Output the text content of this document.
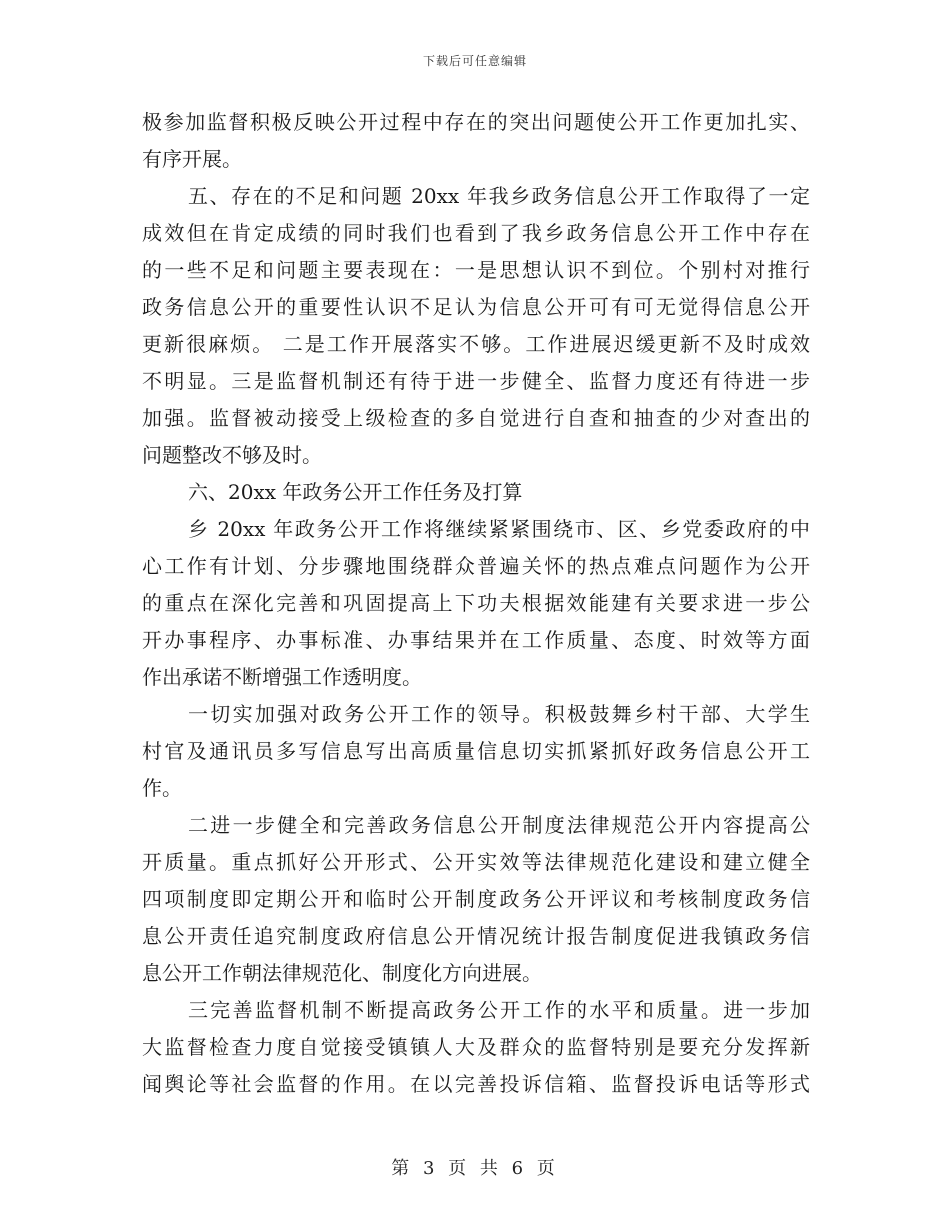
下载后可任意编辑
极参加监督积极反映公开过程中存在的突出问题使公开工作更加扎实、
有序开展。
五、存在的不足和问题 20xx 年我乡政务信息公开工作取得了一定
成效但在肯定成绩的同时我们也看到了我乡政务信息公开工作中存在
的一些不足和问题主要表现在：一是思想认识不到位。个别村对推行
政务信息公开的重要性认识不足认为信息公开可有可无觉得信息公开
更新很麻烦。 二是工作开展落实不够。工作进展迟缓更新不及时成效
不明显。三是监督机制还有待于进一步健全、监督力度还有待进一步
加强。监督被动接受上级检查的多自觉进行自查和抽查的少对查出的
问题整改不够及时。
六、20xx 年政务公开工作任务及打算
乡 20xx 年政务公开工作将继续紧紧围绕市、区、乡党委政府的中
心工作有计划、分步骤地围绕群众普遍关怀的热点难点问题作为公开
的重点在深化完善和巩固提高上下功夫根据效能建有关要求进一步公
开办事程序、办事标准、办事结果并在工作质量、态度、时效等方面
作出承诺不断增强工作透明度。
一切实加强对政务公开工作的领导。积极鼓舞乡村干部、大学生
村官及通讯员多写信息写出高质量信息切实抓紧抓好政务信息公开工
作。
二进一步健全和完善政务信息公开制度法律规范公开内容提高公
开质量。重点抓好公开形式、公开实效等法律规范化建设和建立健全
四项制度即定期公开和临时公开制度政务公开评议和考核制度政务信
息公开责任追究制度政府信息公开情况统计报告制度促进我镇政务信
息公开工作朝法律规范化、制度化方向进展。
三完善监督机制不断提高政务公开工作的水平和质量。进一步加
大监督检查力度自觉接受镇镇人大及群众的监督特别是要充分发挥新
闻舆论等社会监督的作用。在以完善投诉信箱、监督投诉电话等形式
第 3 页 共 6 页
